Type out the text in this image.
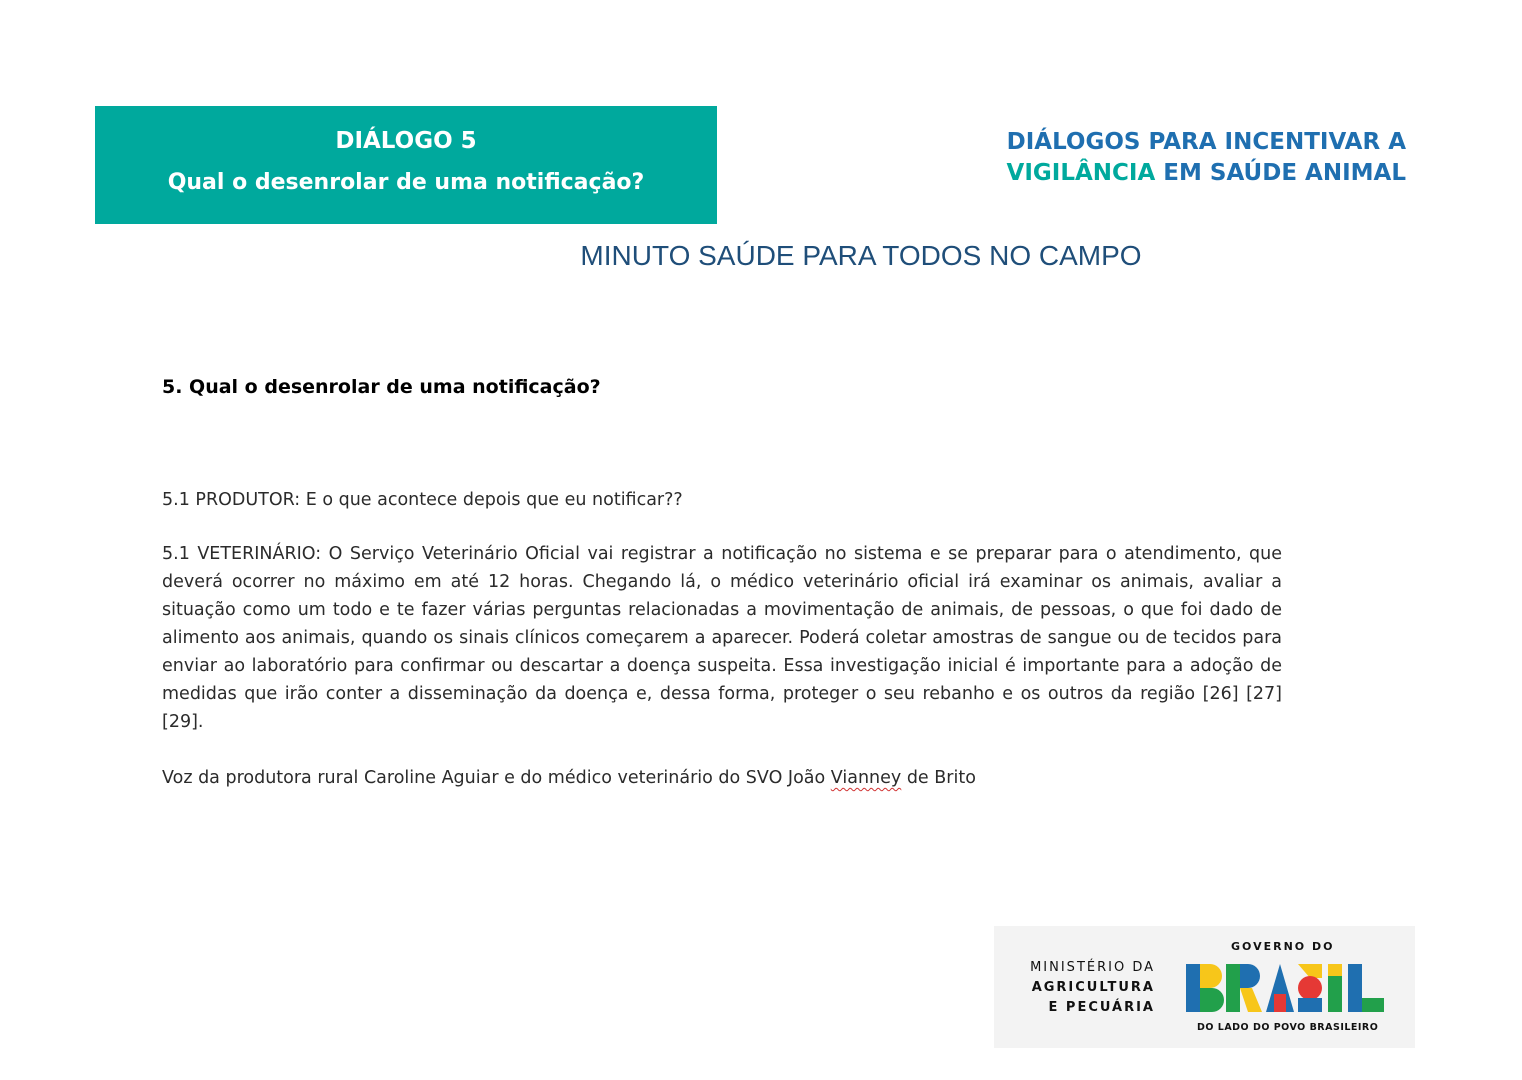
DIÁLOGO 5
Qual o desenrolar de uma notificação?
DIÁLOGOS PARA INCENTIVAR A
VIGILÂNCIA EM SAÚDE ANIMAL
MINUTO SAÚDE PARA TODOS NO CAMPO
5. Qual o desenrolar de uma notificação?
5.1 PRODUTOR: E o que acontece depois que eu notificar??
5.1 VETERINÁRIO: O Serviço Veterinário Oficial vai registrar a notificação no sistema e se preparar para o atendimento, que deverá ocorrer no máximo em até 12 horas. Chegando lá, o médico veterinário oficial irá examinar os animais, avaliar a situação como um todo e te fazer várias perguntas relacionadas a movimentação de animais, de pessoas, o que foi dado de alimento aos animais, quando os sinais clínicos começarem a aparecer. Poderá coletar amostras de sangue ou de tecidos para enviar ao laboratório para confirmar ou descartar a doença suspeita. Essa investigação inicial é importante para a adoção de medidas que irão conter a disseminação da doença e, dessa forma, proteger o seu rebanho e os outros da região [26] [27] [29].
Voz da produtora rural Caroline Aguiar e do médico veterinário do SVO João Vianney de Brito
MINISTÉRIO DA
AGRICULTURA
E PECUÁRIA
GOVERNO DO
DO LADO DO POVO BRASILEIRO
